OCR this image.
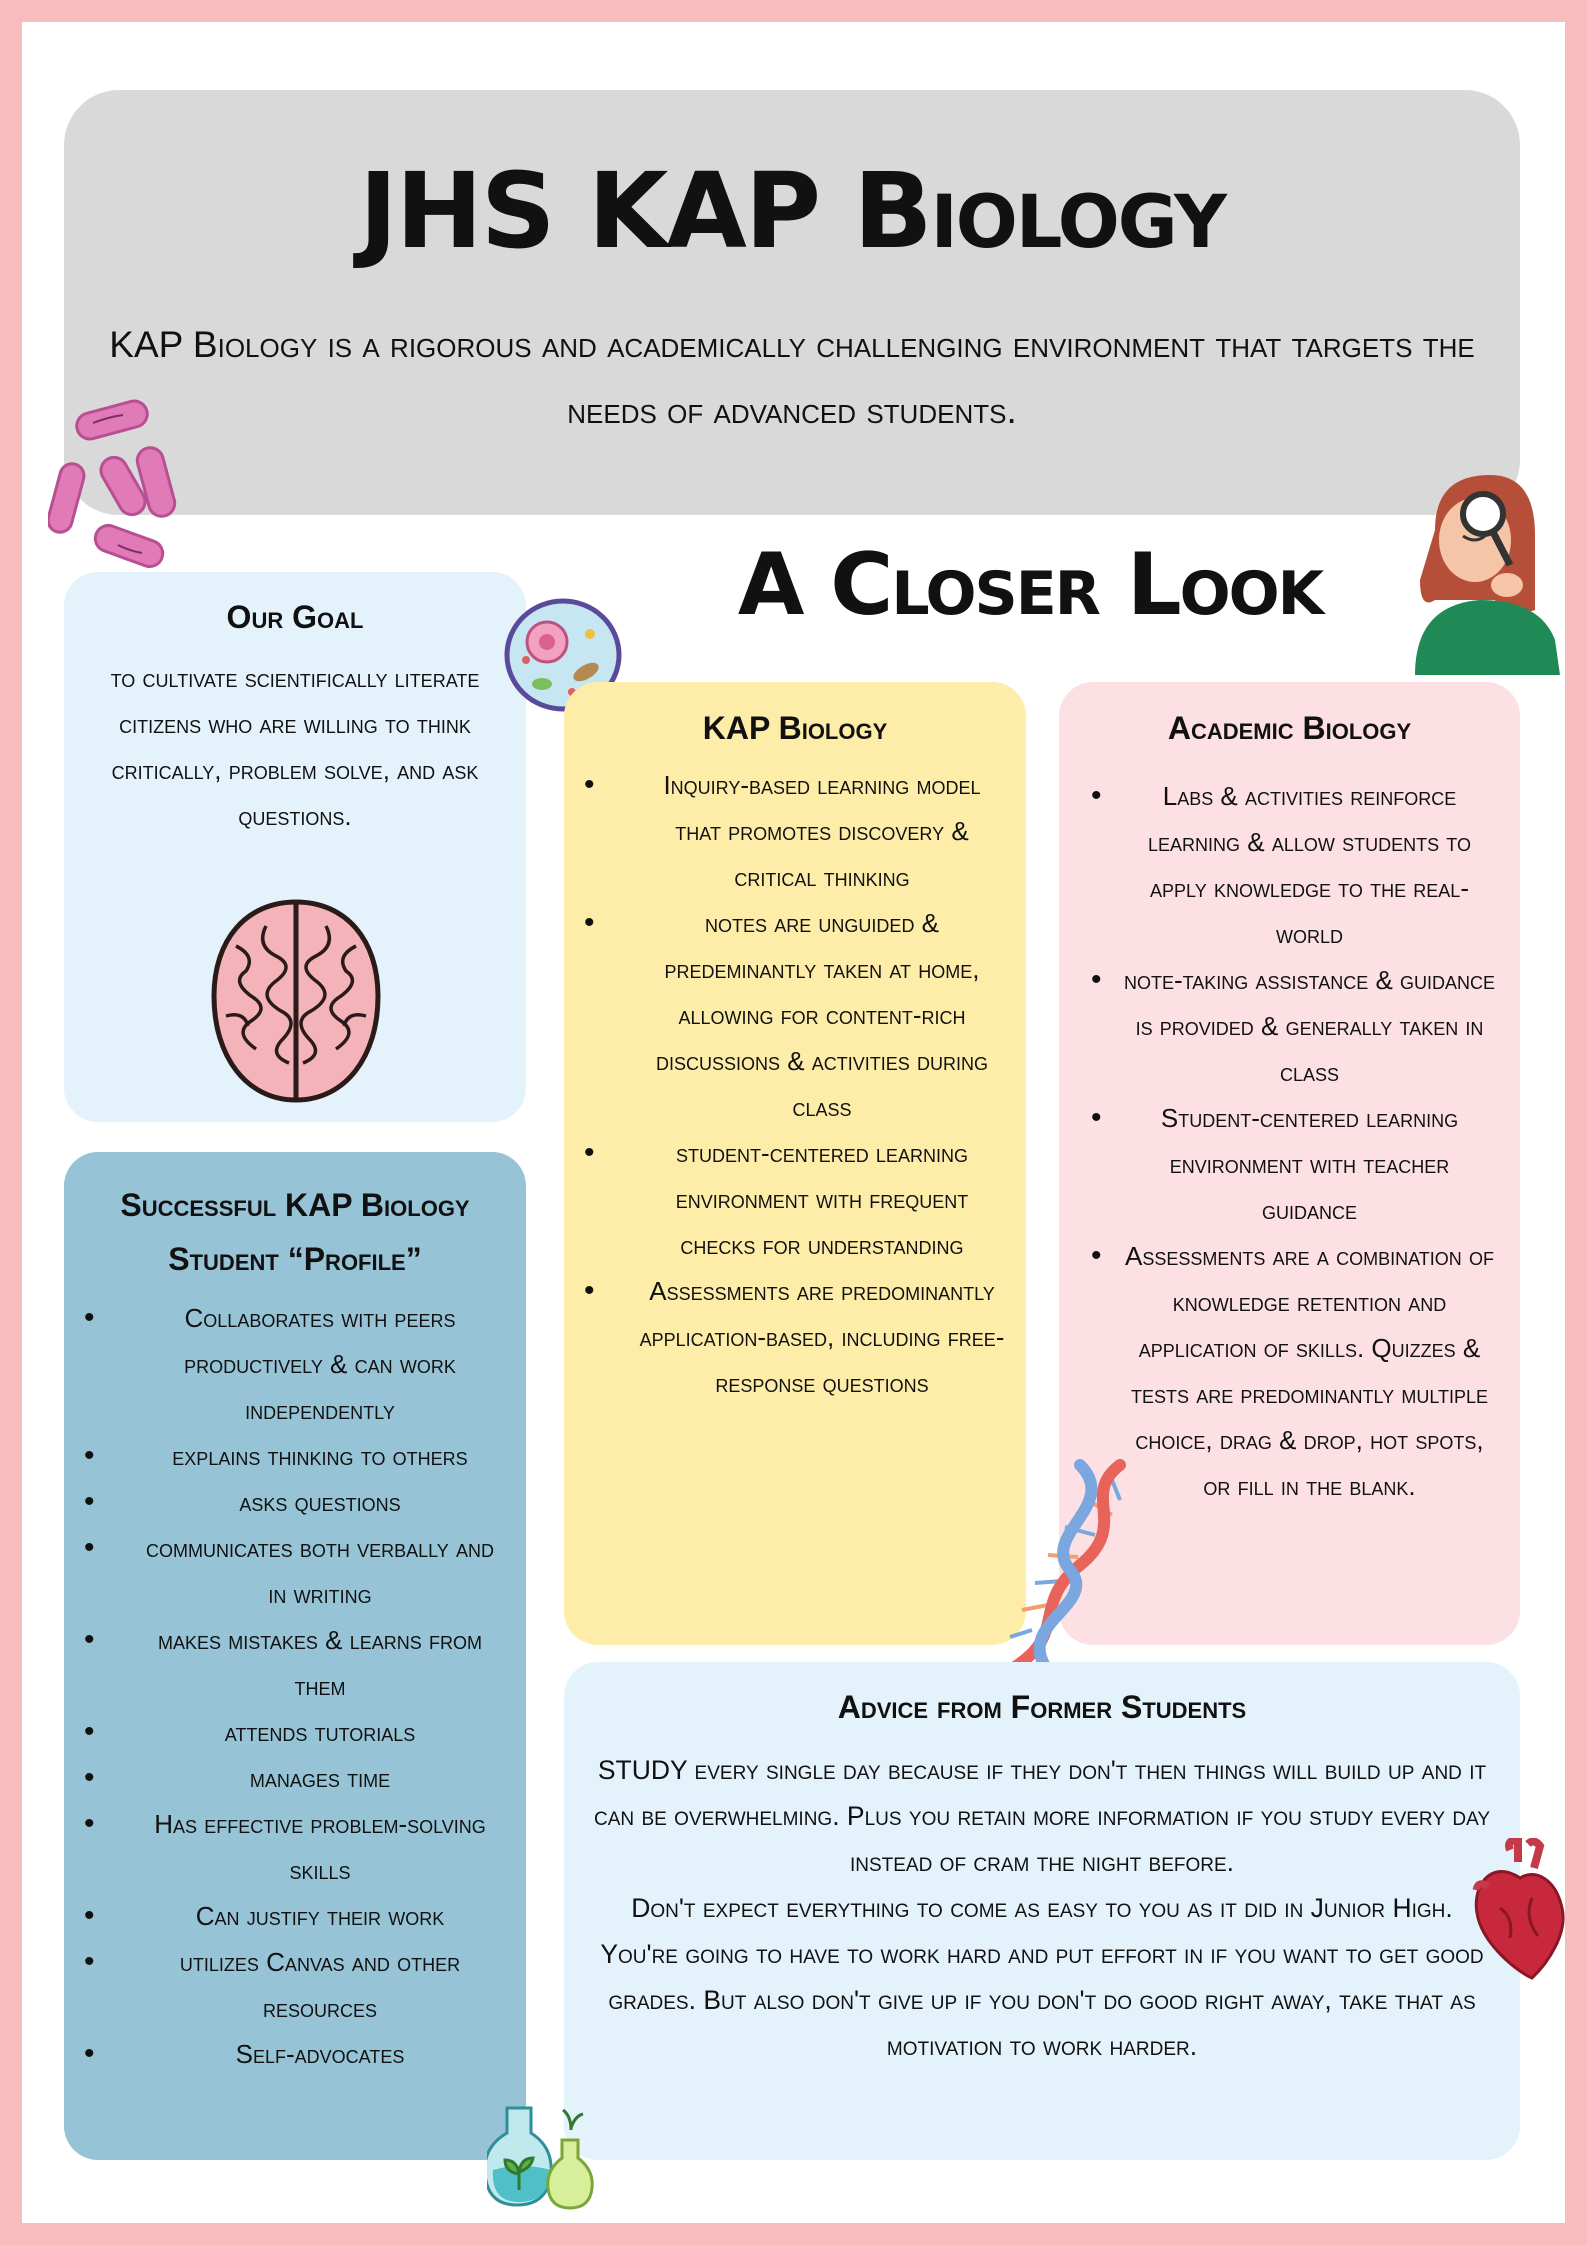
JHS KAP Biology

KAP Biology is a rigorous and academically challenging environment that targets the needs of advanced students.

A Closer Look
Our Goal
to cultivate scientifically literate citizens who are willing to think critically, problem solve, and ask questions.
Successful KAP Biology
Student “Profile”
• Collaborates with peers productively & can work independently
• explains thinking to others
• asks questions
• communicates both verbally and in writing
• makes mistakes & learns from them
• attends tutorials
• manages time
• Has effective problem-solving skills
• Can justify their work
• utilizes Canvas and other resources
• Self-advocates
KAP Biology
• Inquiry-based learning model that promotes discovery & critical thinking
• notes are unguided & predeminantly taken at home, allowing for content-rich discussions & activities during class
• student-centered learning environment with frequent checks for understanding
• Assessments are predominantly application-based, including free-response questions
Academic Biology
• Labs & activities reinforce learning & allow students to apply knowledge to the real-world
• note-taking assistance & guidance is provided & generally taken in class
• Student-centered learning environment with teacher guidance
• Assessments are a combination of knowledge retention and application of skills. Quizzes & tests are predominantly multiple choice, drag & drop, hot spots, or fill in the blank.
Advice from Former Students
STUDY every single day because if they don't then things will build up and it can be overwhelming. Plus you retain more information if you study every day instead of cram the night before.
Don't expect everything to come as easy to you as it did in Junior High. You're going to have to work hard and put effort in if you want to get good grades. But also don't give up if you don't do good right away, take that as motivation to work harder.
